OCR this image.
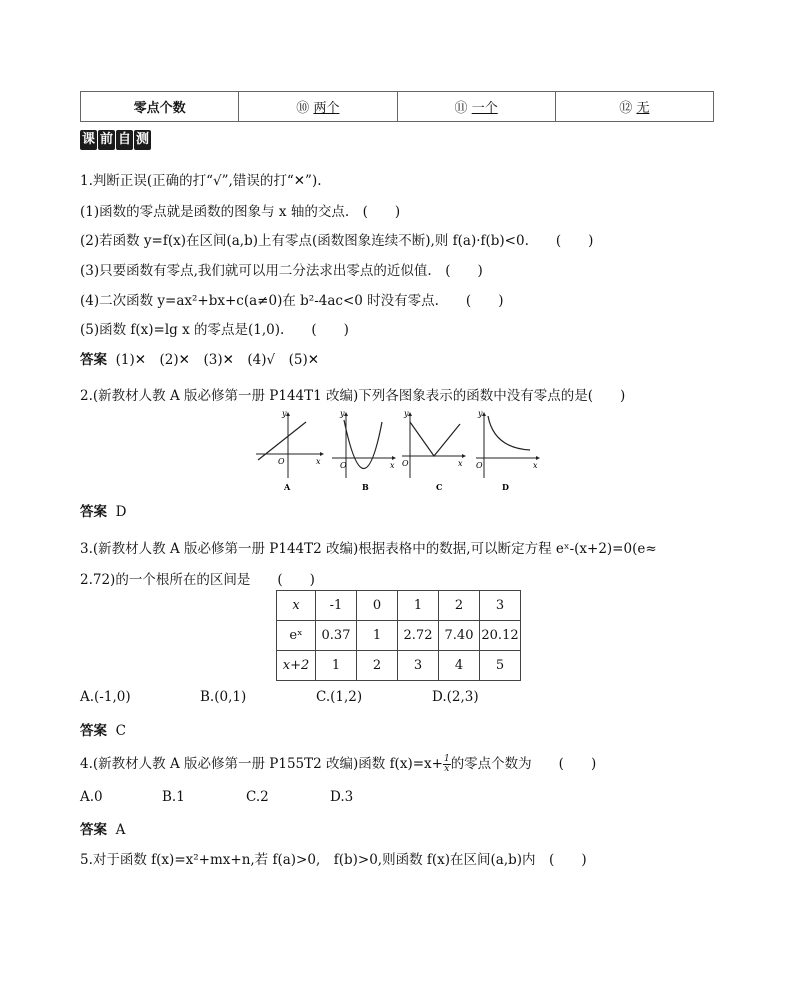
零点个数	⑩ 两个	⑪ 一个	⑫ 无
课 前 自 测
1.判断正误(正确的打“√”,错误的打“✕”).
(1)函数的零点就是函数的图象与 x 轴的交点.　(　　)
(2)若函数 y=f(x)在区间(a,b)上有零点(函数图象连续不断),则 f(a)·f(b)<0.　　(　　)
(3)只要函数有零点,我们就可以用二分法求出零点的近似值.　(　　)
(4)二次函数 y=ax²+bx+c(a≠0)在 b²-4ac<0 时没有零点.　　(　　)
(5)函数 f(x)=lg x 的零点是(1,0).　　(　　)
答案 (1)✕　(2)✕　(3)✕　(4)√　(5)✕
2.(新教材人教 A 版必修第一册 P144T1 改编)下列各图象表示的函数中没有零点的是(　　)
y
x
O
A
y
x
O
B
y
x
O
C
y
x
O
D
答案 D
3.(新教材人教 A 版必修第一册 P144T2 改编)根据表格中的数据,可以断定方程 eˣ-(x+2)=0(e≈
2.72)的一个根所在的区间是　　(　　)
x	-1	0	1	2	3
eˣ	0.37	1	2.72	7.40	20.12
x+2	1	2	3	4	5
A.(-1,0)	B.(0,1)	C.(1,2)	D.(2,3)
答案 C
4.(新教材人教 A 版必修第一册 P155T2 改编)函数 $f(x)=x+ \frac{1}{x}$ 的零点个数为　　(　　)
A.0	B.1	C.2	D.3
答案 A
5.对于函数 f(x)=x²+mx+n,若 f(a)>0,　f(b)>0,则函数 f(x)在区间(a,b)内　(　　)
